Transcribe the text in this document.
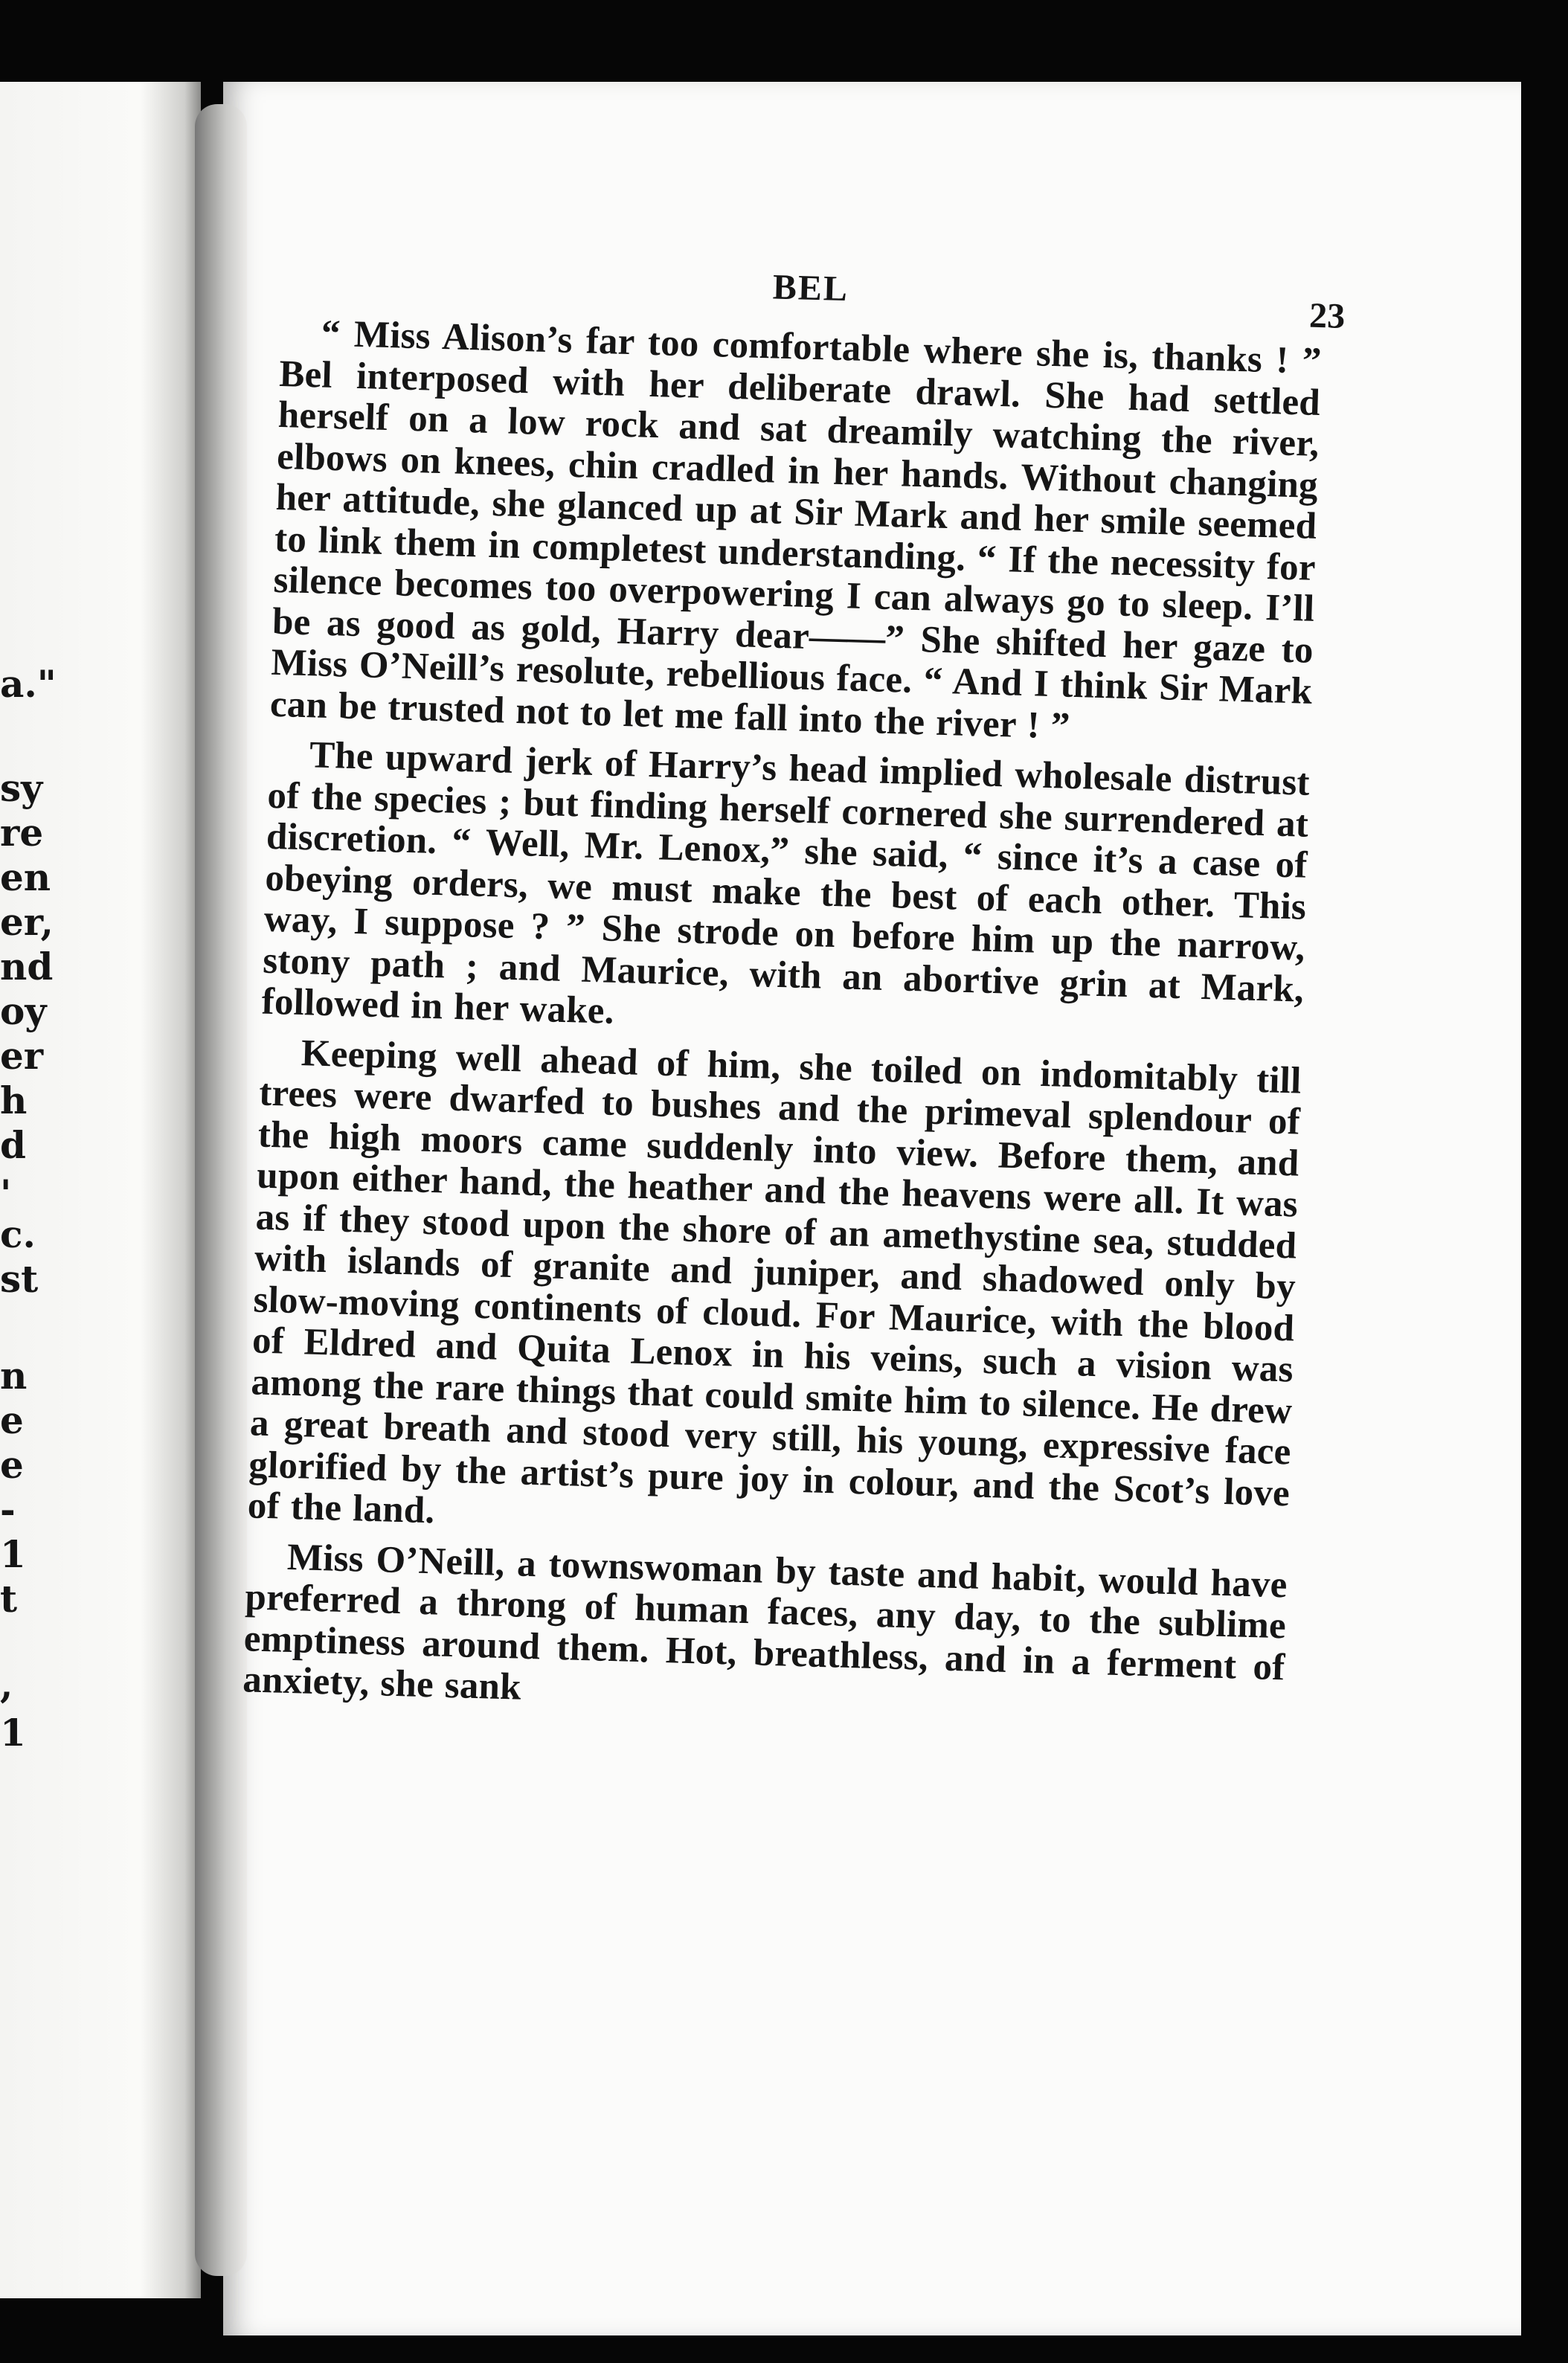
a."
sy
re
en
er,
nd
oy
er
h
d
'
c.
st
n
e
e
-
1
t
,
1
BEL
23

“ Miss Alison’s far too comfortable where she is, thanks ! ” Bel interposed with her deliberate drawl. She had settled herself on a low rock and sat dreamily watching the river, elbows on knees, chin cradled in her hands. Without changing her attitude, she glanced up at Sir Mark and her smile seemed to link them in completest understanding. “ If the necessity for silence becomes too overpowering I can always go to sleep. I’ll be as good as gold, Harry dear——” She shifted her gaze to Miss O’Neill’s resolute, rebellious face. “ And I think Sir Mark can be trusted not to let me fall into the river ! ”

The upward jerk of Harry’s head implied wholesale distrust of the species ; but finding herself cornered she surrendered at discretion. “ Well, Mr. Lenox,” she said, “ since it’s a case of obeying orders, we must make the best of each other. This way, I suppose ? ” She strode on before him up the narrow, stony path ; and Maurice, with an abortive grin at Mark, followed in her wake.

Keeping well ahead of him, she toiled on indomitably till trees were dwarfed to bushes and the primeval splendour of the high moors came suddenly into view. Before them, and upon either hand, the heather and the heavens were all. It was as if they stood upon the shore of an amethystine sea, studded with islands of granite and juniper, and shadowed only by slow-moving continents of cloud. For Maurice, with the blood of Eldred and Quita Lenox in his veins, such a vision was among the rare things that could smite him to silence. He drew a great breath and stood very still, his young, expressive face glorified by the artist’s pure joy in colour, and the Scot’s love of the land.

Miss O’Neill, a townswoman by taste and habit, would have preferred a throng of human faces, any day, to the sublime emptiness around them. Hot, breathless, and in a ferment of anxiety, she sank
